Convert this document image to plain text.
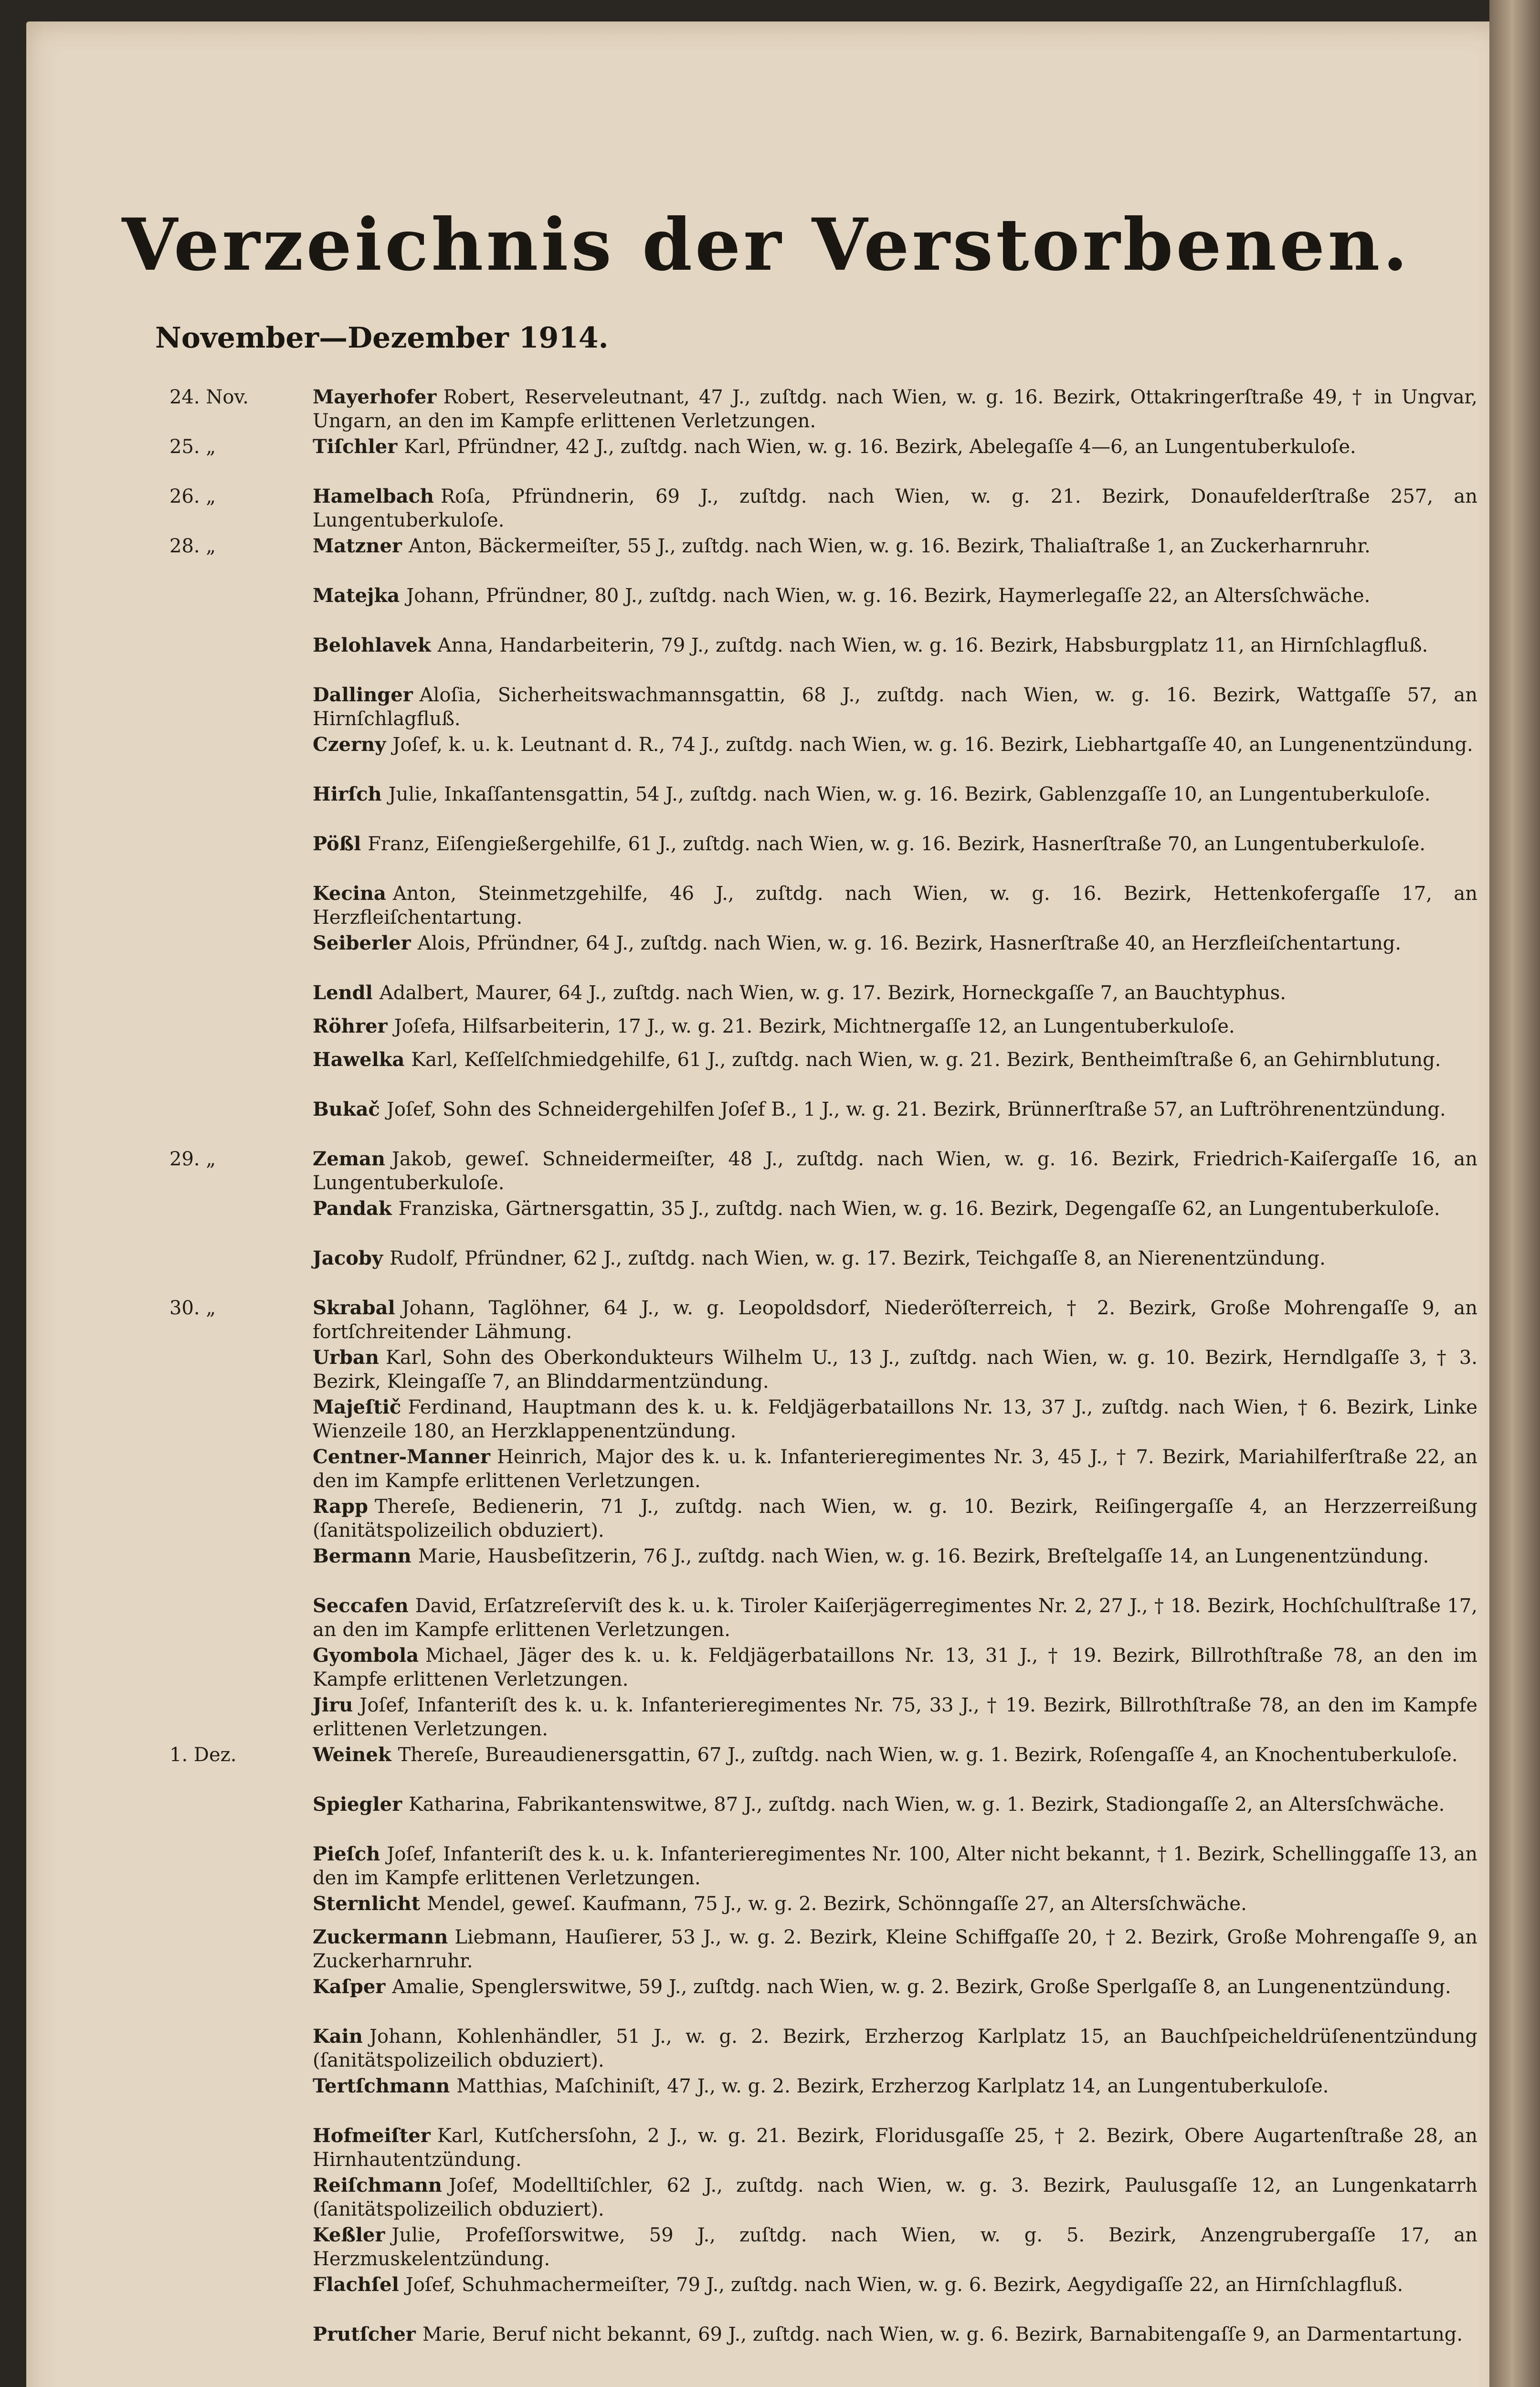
Verzeichnis der Verstorbenen.
November—Dezember 1914.
24. Nov.	Mayerhofer Robert, Reserveleutnant, 47 J., zuſtdg. nach Wien, w. g. 16. Bezirk, Ottakringerſtraße 49, † in Ungvar, Ungarn, an den im Kampfe erlittenen Verletzungen.
25. „	Tiſchler Karl, Pfründner, 42 J., zuſtdg. nach Wien, w. g. 16. Bezirk, Abelegaſſe 4—6, an Lungentuberkuloſe.
26. „	Hamelbach Roſa, Pfründnerin, 69 J., zuſtdg. nach Wien, w. g. 21. Bezirk, Donaufelderſtraße 257, an Lungentuberkuloſe.
28. „	Matzner Anton, Bäckermeiſter, 55 J., zuſtdg. nach Wien, w. g. 16. Bezirk, Thaliaſtraße 1, an Zuckerharnruhr.
Matejka Johann, Pfründner, 80 J., zuſtdg. nach Wien, w. g. 16. Bezirk, Haymerlegaſſe 22, an Altersſchwäche.
Belohlavek Anna, Handarbeiterin, 79 J., zuſtdg. nach Wien, w. g. 16. Bezirk, Habsburgplatz 11, an Hirnſchlagfluß.
Dallinger Aloſia, Sicherheitswachmannsgattin, 68 J., zuſtdg. nach Wien, w. g. 16. Bezirk, Wattgaſſe 57, an Hirnſchlagfluß.
Czerny Joſef, k. u. k. Leutnant d. R., 74 J., zuſtdg. nach Wien, w. g. 16. Bezirk, Liebhartgaſſe 40, an Lungenentzündung.
Hirſch Julie, Inkaſſantensgattin, 54 J., zuſtdg. nach Wien, w. g. 16. Bezirk, Gablenzgaſſe 10, an Lungentuberkuloſe.
Pößl Franz, Eiſengießergehilfe, 61 J., zuſtdg. nach Wien, w. g. 16. Bezirk, Hasnerſtraße 70, an Lungentuberkuloſe.
Kecina Anton, Steinmetzgehilfe, 46 J., zuſtdg. nach Wien, w. g. 16. Bezirk, Hettenkofergaſſe 17, an Herzfleiſchentartung.
Seiberler Alois, Pfründner, 64 J., zuſtdg. nach Wien, w. g. 16. Bezirk, Hasnerſtraße 40, an Herzfleiſchentartung.
Lendl Adalbert, Maurer, 64 J., zuſtdg. nach Wien, w. g. 17. Bezirk, Horneckgaſſe 7, an Bauchtyphus.
Röhrer Joſefa, Hilfsarbeiterin, 17 J., w. g. 21. Bezirk, Michtnergaſſe 12, an Lungentuberkuloſe.
Hawelka Karl, Keſſelſchmiedgehilfe, 61 J., zuſtdg. nach Wien, w. g. 21. Bezirk, Bentheimſtraße 6, an Gehirnblutung.
Bukač Joſef, Sohn des Schneidergehilfen Joſef B., 1 J., w. g. 21. Bezirk, Brünnerſtraße 57, an Luftröhrenentzündung.
29. „	Zeman Jakob, geweſ. Schneidermeiſter, 48 J., zuſtdg. nach Wien, w. g. 16. Bezirk, Friedrich-Kaiſergaſſe 16, an Lungentuberkuloſe.
Pandak Franziska, Gärtnersgattin, 35 J., zuſtdg. nach Wien, w. g. 16. Bezirk, Degengaſſe 62, an Lungentuberkuloſe.
Jacoby Rudolf, Pfründner, 62 J., zuſtdg. nach Wien, w. g. 17. Bezirk, Teichgaſſe 8, an Nierenentzündung.
30. „	Skrabal Johann, Taglöhner, 64 J., w. g. Leopoldsdorf, Niederöſterreich, † 2. Bezirk, Große Mohrengaſſe 9, an fortſchreitender Lähmung.
Urban Karl, Sohn des Oberkondukteurs Wilhelm U., 13 J., zuſtdg. nach Wien, w. g. 10. Bezirk, Herndlgaſſe 3, † 3. Bezirk, Kleingaſſe 7, an Blinddarmentzündung.
Majeſtič Ferdinand, Hauptmann des k. u. k. Feldjägerbataillons Nr. 13, 37 J., zuſtdg. nach Wien, † 6. Bezirk, Linke Wienzeile 180, an Herzklappenentzündung.
Centner-Manner Heinrich, Major des k. u. k. Infanterieregimentes Nr. 3, 45 J., † 7. Bezirk, Mariahilferſtraße 22, an den im Kampfe erlittenen Verletzungen.
Rapp Thereſe, Bedienerin, 71 J., zuſtdg. nach Wien, w. g. 10. Bezirk, Reiſingergaſſe 4, an Herzzerreißung (ſanitätspolizeilich obduziert).
Bermann Marie, Hausbeſitzerin, 76 J., zuſtdg. nach Wien, w. g. 16. Bezirk, Breſtelgaſſe 14, an Lungenentzündung.
Seccafen David, Erſatzreſerviſt des k. u. k. Tiroler Kaiſerjägerregimentes Nr. 2, 27 J., † 18. Bezirk, Hochſchulſtraße 17, an den im Kampfe erlittenen Verletzungen.
Gyombola Michael, Jäger des k. u. k. Feldjägerbataillons Nr. 13, 31 J., † 19. Bezirk, Billrothſtraße 78, an den im Kampfe erlittenen Verletzungen.
Jiru Joſef, Infanteriſt des k. u. k. Infanterieregimentes Nr. 75, 33 J., † 19. Bezirk, Billrothſtraße 78, an den im Kampfe erlittenen Verletzungen.
1. Dez.	Weinek Thereſe, Bureaudienersgattin, 67 J., zuſtdg. nach Wien, w. g. 1. Bezirk, Roſengaſſe 4, an Knochentuberkuloſe.
Spiegler Katharina, Fabrikantenswitwe, 87 J., zuſtdg. nach Wien, w. g. 1. Bezirk, Stadiongaſſe 2, an Altersſchwäche.
Pieſch Joſef, Infanteriſt des k. u. k. Infanterieregimentes Nr. 100, Alter nicht bekannt, † 1. Bezirk, Schellinggaſſe 13, an den im Kampfe erlittenen Verletzungen.
Sternlicht Mendel, geweſ. Kaufmann, 75 J., w. g. 2. Bezirk, Schönngaſſe 27, an Altersſchwäche.
Zuckermann Liebmann, Hauſierer, 53 J., w. g. 2. Bezirk, Kleine Schiffgaſſe 20, † 2. Bezirk, Große Mohrengaſſe 9, an Zuckerharnruhr.
Kaſper Amalie, Spenglerswitwe, 59 J., zuſtdg. nach Wien, w. g. 2. Bezirk, Große Sperlgaſſe 8, an Lungenentzündung.
Kain Johann, Kohlenhändler, 51 J., w. g. 2. Bezirk, Erzherzog Karlplatz 15, an Bauchſpeicheldrüſenentzündung (ſanitätspolizeilich obduziert).
Tertſchmann Matthias, Maſchiniſt, 47 J., w. g. 2. Bezirk, Erzherzog Karlplatz 14, an Lungentuberkuloſe.
Hofmeiſter Karl, Kutſchersſohn, 2 J., w. g. 21. Bezirk, Floridusgaſſe 25, † 2. Bezirk, Obere Augartenſtraße 28, an Hirnhautentzündung.
Reiſchmann Joſef, Modelltiſchler, 62 J., zuſtdg. nach Wien, w. g. 3. Bezirk, Paulusgaſſe 12, an Lungenkatarrh (ſanitätspolizeilich obduziert).
Keßler Julie, Profeſſorswitwe, 59 J., zuſtdg. nach Wien, w. g. 5. Bezirk, Anzengrubergaſſe 17, an Herzmuskelentzündung.
Flachſel Joſef, Schuhmachermeiſter, 79 J., zuſtdg. nach Wien, w. g. 6. Bezirk, Aegydigaſſe 22, an Hirnſchlagfluß.
Prutſcher Marie, Beruf nicht bekannt, 69 J., zuſtdg. nach Wien, w. g. 6. Bezirk, Barnabitengaſſe 9, an Darmentartung.
